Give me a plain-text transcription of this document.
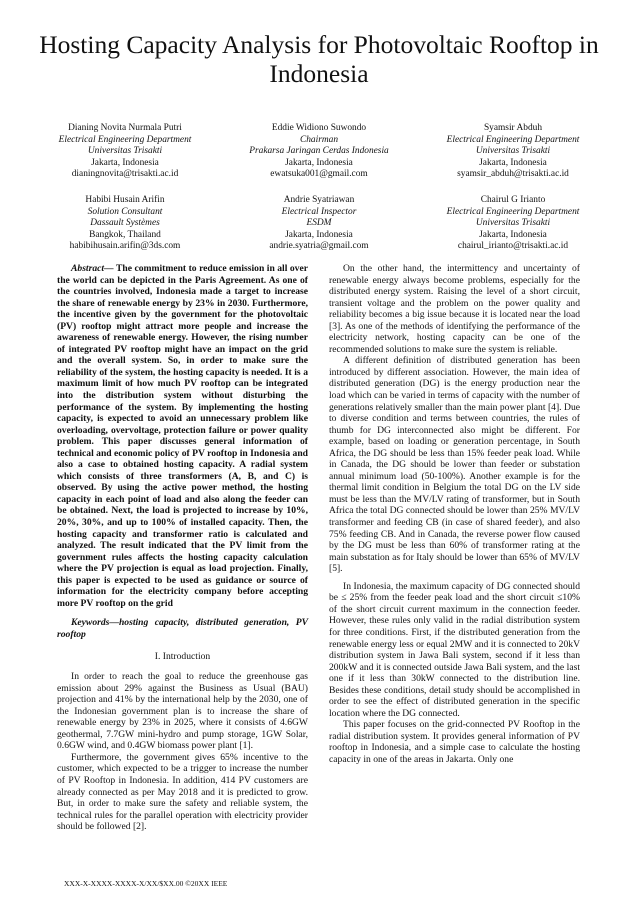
Hosting Capacity Analysis for Photovoltaic Rooftop in Indonesia
Dianing Novita Nurmala Putri
Electrical Engineering Department
Universitas Trisakti
Jakarta, Indonesia
dianingnovita@trisakti.ac.id
Eddie Widiono Suwondo
Chairman
Prakarsa Jaringan Cerdas Indonesia
Jakarta, Indonesia
ewatsuka001@gmail.com
Syamsir Abduh
Electrical Engineering Department
Universitas Trisakti
Jakarta, Indonesia
syamsir_abduh@trisakti.ac.id
Habibi Husain Arifin
Solution Consultant
Dassault Systèmes
Bangkok, Thailand
habibihusain.arifin@3ds.com
Andrie Syatriawan
Electrical Inspector
ESDM
Jakarta, Indonesia
andrie.syatria@gmail.com
Chairul G Irianto
Electrical Engineering Department
Universitas Trisakti
Jakarta, Indonesia
chairul_irianto@trisakti.ac.id

Abstract— The commitment to reduce emission in all over the world can be depicted in the Paris Agreement. As one of the countries involved, Indonesia made a target to increase the share of renewable energy by 23% in 2030. Furthermore, the incentive given by the government for the photovoltaic (PV) rooftop might attract more people and increase the awareness of renewable energy. However, the rising number of integrated PV rooftop might have an impact on the grid and the overall system. So, in order to make sure the reliability of the system, the hosting capacity is needed. It is a maximum limit of how much PV rooftop can be integrated into the distribution system without disturbing the performance of the system. By implementing the hosting capacity, is expected to avoid an unnecessary problem like overloading, overvoltage, protection failure or power quality problem. This paper discusses general information of technical and economic policy of PV rooftop in Indonesia and also a case to obtained hosting capacity. A radial system which consists of three transformers (A, B, and C) is observed. By using the active power method, the hosting capacity in each point of load and also along the feeder can be obtained. Next, the load is projected to increase by 10%, 20%, 30%, and up to 100% of installed capacity. Then, the hosting capacity and transformer ratio is calculated and analyzed. The result indicated that the PV limit from the government rules affects the hosting capacity calculation where the PV projection is equal as load projection. Finally, this paper is expected to be used as guidance or source of information for the electricity company before accepting more PV rooftop on the grid

Keywords—hosting capacity, distributed generation, PV rooftop

I. Introduction

In order to reach the goal to reduce the greenhouse gas emission about 29% against the Business as Usual (BAU) projection and 41% by the international help by the 2030, one of the Indonesian government plan is to increase the share of renewable energy by 23% in 2025, where it consists of 4.6GW geothermal, 7.7GW mini-hydro and pump storage, 1GW Solar, 0.6GW wind, and 0.4GW biomass power plant [1].

Furthermore, the government gives 65% incentive to the customer, which expected to be a trigger to increase the number of PV Rooftop in Indonesia. In addition, 414 PV customers are already connected as per May 2018 and it is predicted to grow. But, in order to make sure the safety and reliable system, the technical rules for the parallel operation with electricity provider should be followed [2].

On the other hand, the intermittency and uncertainty of renewable energy always become problems, especially for the distributed energy system. Raising the level of a short circuit, transient voltage and the problem on the power quality and reliability becomes a big issue because it is located near the load [3]. As one of the methods of identifying the performance of the electricity network, hosting capacity can be one of the recommended solutions to make sure the system is reliable.

A different definition of distributed generation has been introduced by different association. However, the main idea of distributed generation (DG) is the energy production near the load which can be varied in terms of capacity with the number of generations relatively smaller than the main power plant [4]. Due to diverse condition and terms between countries, the rules of thumb for DG interconnected also might be different. For example, based on loading or generation percentage, in South Africa, the DG should be less than 15% feeder peak load. While in Canada, the DG should be lower than feeder or substation annual minimum load (50-100%). Another example is for the thermal limit condition in Belgium the total DG on the LV side must be less than the MV/LV rating of transformer, but in South Africa the total DG connected should be lower than 25% MV/LV transformer and feeding CB (in case of shared feeder), and also 75% feeding CB. And in Canada, the reverse power flow caused by the DG must be less than 60% of transformer rating at the main substation as for Italy should be lower than 65% of MV/LV [5].

In Indonesia, the maximum capacity of DG connected should be ≤ 25% from the feeder peak load and the short circuit ≤10% of the short circuit current maximum in the connection feeder. However, these rules only valid in the radial distribution system for three conditions. First, if the distributed generation from the renewable energy less or equal 2MW and it is connected to 20kV distribution system in Jawa Bali system, second if it less than 200kW and it is connected outside Jawa Bali system, and the last one if it less than 30kW connected to the distribution line. Besides these conditions, detail study should be accomplished in order to see the effect of distributed generation in the specific location where the DG connected.

This paper focuses on the grid-connected PV Rooftop in the radial distribution system. It provides general information of PV rooftop in Indonesia, and a simple case to calculate the hosting capacity in one of the areas in Jakarta. Only one

XXX-X-XXXX-XXXX-X/XX/$XX.00 ©20XX IEEE
